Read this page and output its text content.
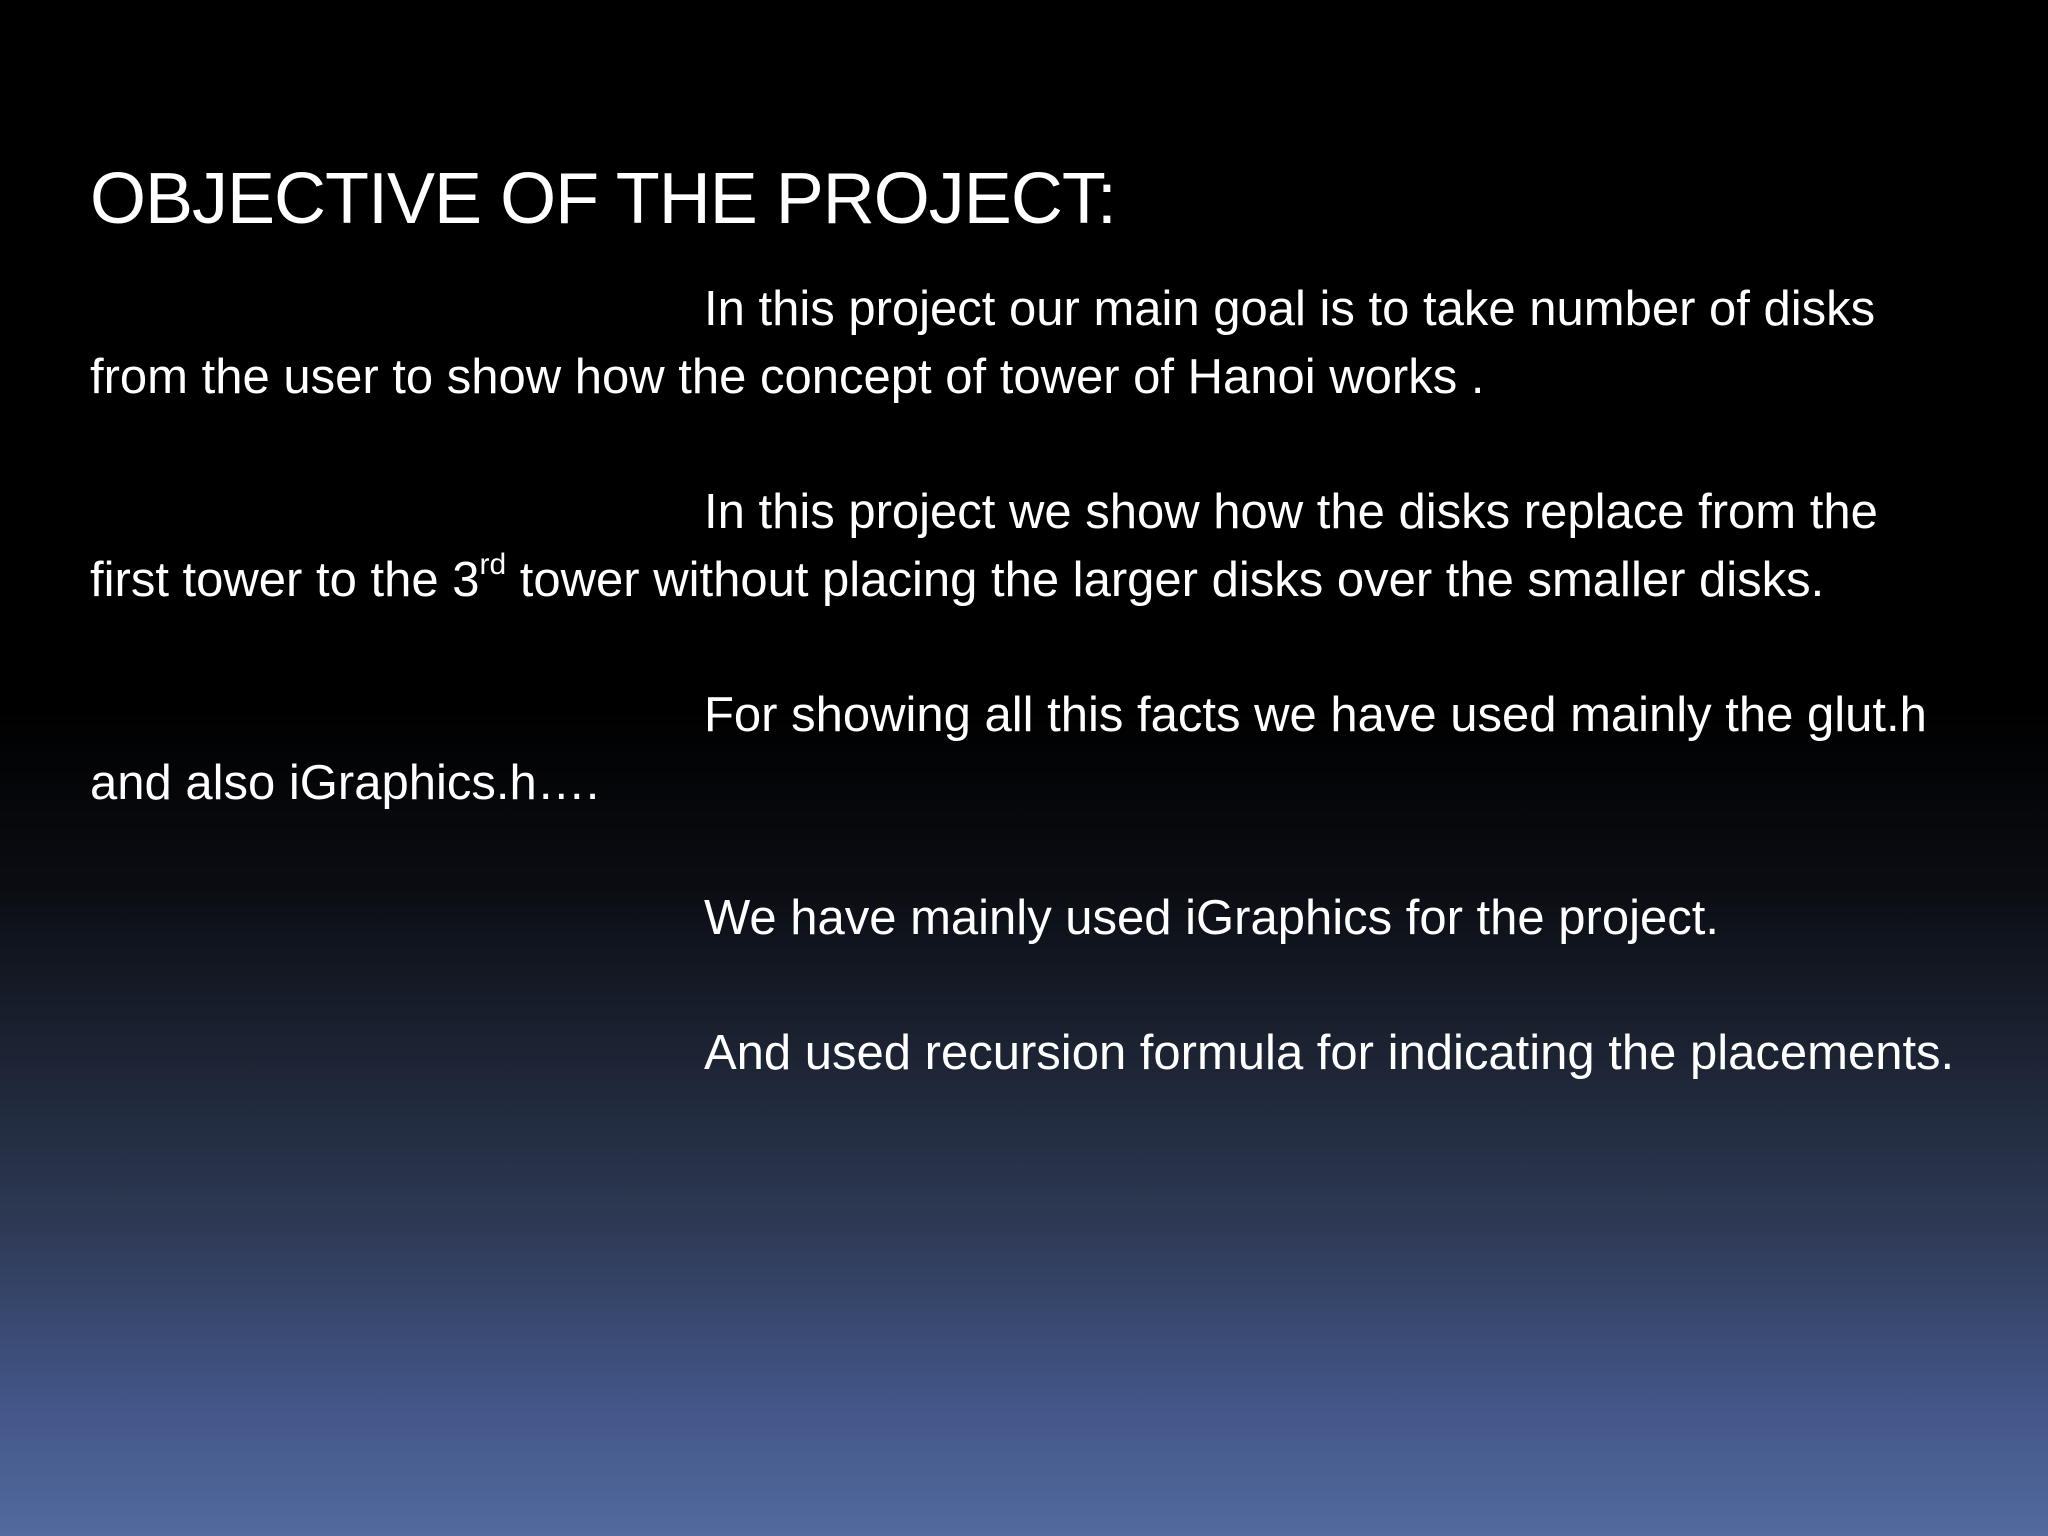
OBJECTIVE OF THE PROJECT:

In this project our main goal is to take number of disks from the user to show how the concept of tower of Hanoi works .

In this project we show how the disks replace from the first tower to the 3rd tower without placing the larger disks over the smaller disks.

For showing all this facts we have used mainly the glut.h and also iGraphics.h….

We have mainly used iGraphics for the project.

And used recursion formula for indicating the placements.
